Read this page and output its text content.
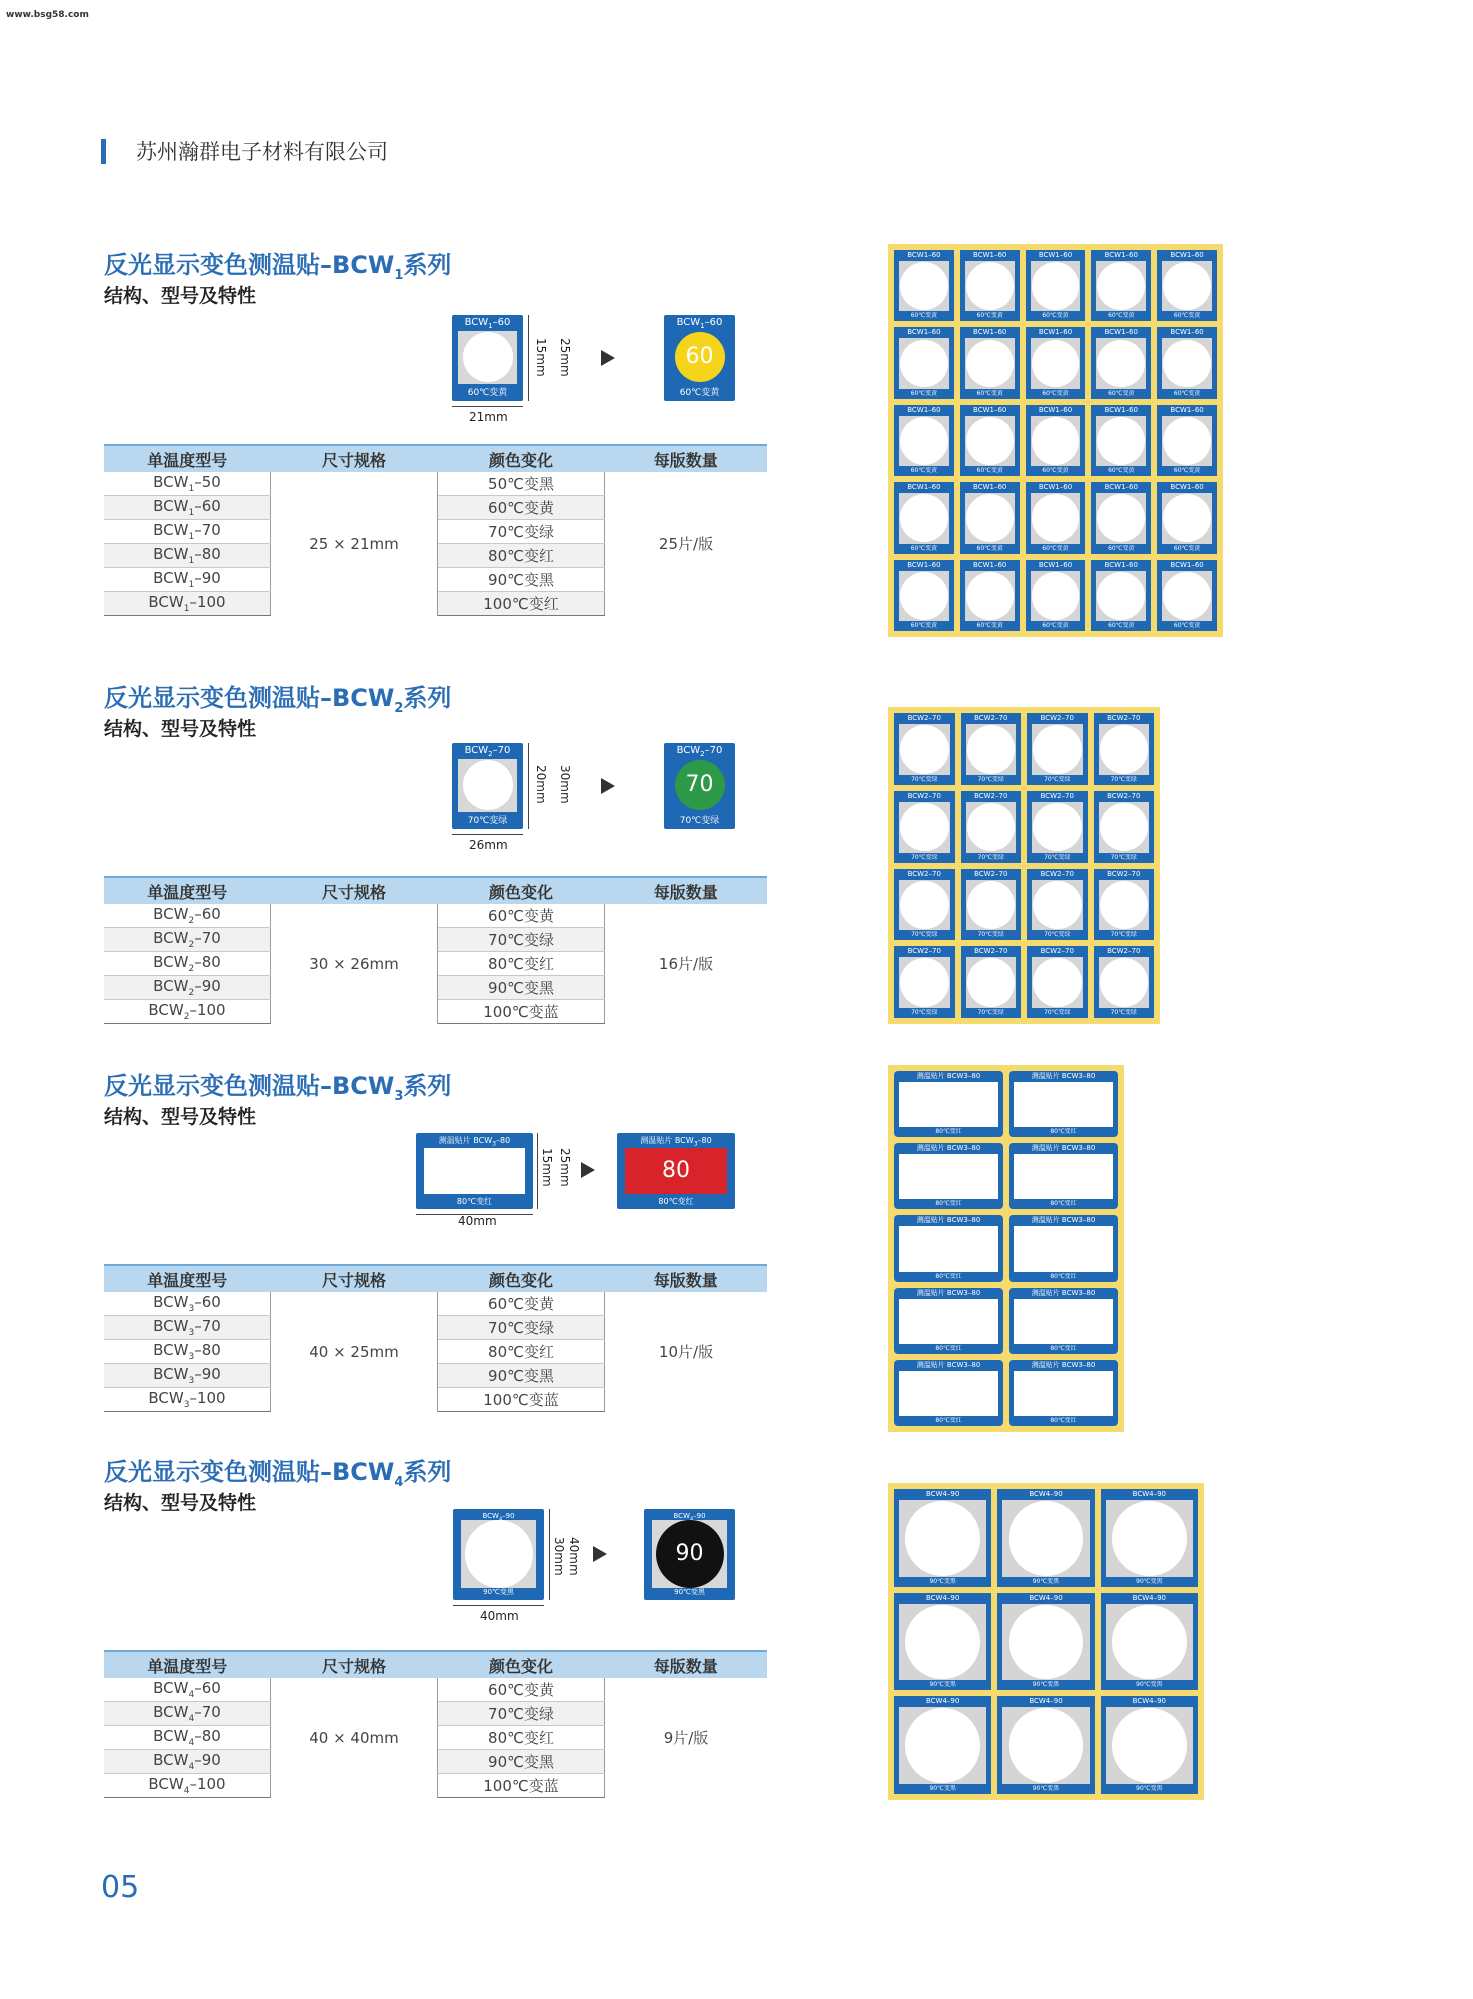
www.bsg58.com
苏州瀚群电子材料有限公司
反光显示变色测温贴$-BCW_1$系列
结构、型号及特性
$BCW_1-60$
60℃变黄
15mm 25mm
21mm
$BCW_1-60$
60
60℃变黄
单温度型号	尺寸规格	颜色变化	每版数量
$BCW_1-50$	25 × 21mm	50℃变黑	25片/版
$BCW_1-60$		60℃变黄	
$BCW_1-70$		70℃变绿	
$BCW_1-80$		80℃变红	
$BCW_1-90$		90℃变黑	
$BCW_1-100$		100℃变红	
BCW1–60
60℃变黄
BCW1–60
60℃变黄
BCW1–60
60℃变黄
BCW1–60
60℃变黄
BCW1–60
60℃变黄
BCW1–60
60℃变黄
BCW1–60
60℃变黄
BCW1–60
60℃变黄
BCW1–60
60℃变黄
BCW1–60
60℃变黄
BCW1–60
60℃变黄
BCW1–60
60℃变黄
BCW1–60
60℃变黄
BCW1–60
60℃变黄
BCW1–60
60℃变黄
BCW1–60
60℃变黄
BCW1–60
60℃变黄
BCW1–60
60℃变黄
BCW1–60
60℃变黄
BCW1–60
60℃变黄
BCW1–60
60℃变黄
BCW1–60
60℃变黄
BCW1–60
60℃变黄
BCW1–60
60℃变黄
BCW1–60
60℃变黄
反光显示变色测温贴$-BCW_2$系列
结构、型号及特性
$BCW_2-70$
70℃变绿
20mm 30mm
26mm
$BCW_2-70$
70
70℃变绿
单温度型号	尺寸规格	颜色变化	每版数量
$BCW_2-60$	30 × 26mm	60℃变黄	16片/版
$BCW_2-70$		70℃变绿	
$BCW_2-80$		80℃变红	
$BCW_2-90$		90℃变黑	
$BCW_2-100$		100℃变蓝	
BCW2–70
70℃变绿
BCW2–70
70℃变绿
BCW2–70
70℃变绿
BCW2–70
70℃变绿
BCW2–70
70℃变绿
BCW2–70
70℃变绿
BCW2–70
70℃变绿
BCW2–70
70℃变绿
BCW2–70
70℃变绿
BCW2–70
70℃变绿
BCW2–70
70℃变绿
BCW2–70
70℃变绿
BCW2–70
70℃变绿
BCW2–70
70℃变绿
BCW2–70
70℃变绿
BCW2–70
70℃变绿
反光显示变色测温贴$-BCW_3$系列
结构、型号及特性
测温贴片 $BCW_3-80$
80℃变红
15mm 25mm
40mm
测温贴片 $BCW_3-80$
80
80℃变红
单温度型号	尺寸规格	颜色变化	每版数量
$BCW_3-60$	40 × 25mm	60℃变黄	10片/版
$BCW_3-70$		70℃变绿	
$BCW_3-80$		80℃变红	
$BCW_3-90$		90℃变黑	
$BCW_3-100$		100℃变蓝	
测温贴片 BCW3–80
80℃变红
测温贴片 BCW3–80
80℃变红
测温贴片 BCW3–80
80℃变红
测温贴片 BCW3–80
80℃变红
测温贴片 BCW3–80
80℃变红
测温贴片 BCW3–80
80℃变红
测温贴片 BCW3–80
80℃变红
测温贴片 BCW3–80
80℃变红
测温贴片 BCW3–80
80℃变红
测温贴片 BCW3–80
80℃变红
反光显示变色测温贴$-BCW_4$系列
结构、型号及特性
BCW –90
90℃变黑
30mm 40mm
40mm
BCW –90
90
90℃变黑
单温度型号	尺寸规格	颜色变化	每版数量
$BCW_4-60$	40 × 40mm	60℃变黄	9片/版
$BCW_4-70$		70℃变绿	
$BCW_4-80$		80℃变红	
$BCW_4-90$		90℃变黑	
$BCW_4-100$		100℃变蓝	
BCW4–90
90℃变黑
BCW4–90
90℃变黑
BCW4–90
90℃变黑
BCW4–90
90℃变黑
BCW4–90
90℃变黑
BCW4–90
90℃变黑
BCW4–90
90℃变黑
BCW4–90
90℃变黑
BCW4–90
90℃变黑
05
